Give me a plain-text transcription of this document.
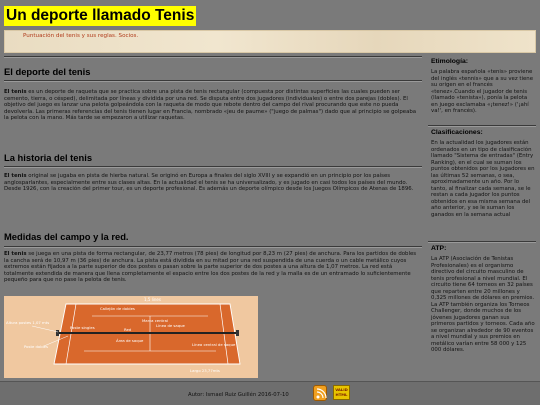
Un deporte llamado Tenis
Puntuación del tenis y sus reglas. Socios.
El deporte del tenis
El tenis es un deporte de raqueta que se practica sobre una pista de tenis rectangular (compuesta por distintas superficies las cuales pueden ser cemento, tierra, o césped), delimitada por líneas y dividida por una red. Se disputa entre dos jugadores (individuales) o entre dos parejas (dobles). El objetivo del juego es lanzar una pelota golpeándola con la raqueta de modo que rebote dentro del campo del rival procurando que este no pueda devolverla. Las primeras referencias del tenis tienen lugar en Francia, nombrado «jeu de paume» ("juego de palmas") dado que al principio se golpeaba la pelota con la mano. Más tarde se empezaron a utilizar raquetas.
La historia del tenis
El tenis original se jugaba en pista de hierba natural. Se originó en Europa a finales del siglo XVIII y se expandió en un principio por los países anglosparlantes, especialmente entre sus clases altas. En la actualidad el tenis se ha universalizado, y es jugado en casi todos los países del mundo. Desde 1926, con la creación del primer tour, es un deporte profesional. Es además un deporte olímpico desde los Juegos Olímpicos de Atenas de 1896.
Medidas del campo y la red.
El tenis se juega en una pista de forma rectangular, de 23,77 metros (78 pies) de longitud por 8,23 m (27 pies) de anchura. Para los partidos de dobles la cancha será de 10,97 m (36 pies) de anchura. La pista está dividida en su mitad por una red suspendida de una cuerda o un cable metálico cuyos extremos están fijados a la parte superior de dos postes o pasan sobre la parte superior de dos postes a una altura de 1,07 metros. La red está totalmente extendida de manera que llena completamente el espacio entre los dos postes de la red y la malla es de un entramado lo suficientemente pequeño para que no pase la pelota de tenis.
1,5 lines
Callejón de dobles
Marca central
Línea de saque
Altura postes 1,07 mts
Poste singles	Red
Poste dobles
Área de saque
Línea central de saque
Largo 23,77mts
Etimología:
La palabra española «tenis» proviene del inglés «tennis» que a su vez tiene su origen en el francés «tenez».Cuando el jugador de tenis (llamado «tenista»), ponía la pelota en juego exclamaba «¡tenez!» ('¡ahí va!', en francés).
Clasificaciones:
En la actualidad los jugadores están ordenados en un tipo de clasificación llamado "Sistema de entradas" (Entry Ranking), en el cual se suman los puntos obtenidos por los jugadores en las últimas 52 semanas, o sea, aproximadamente un año. Por lo tanto, al finalizar cada semana, se le restan a cada jugador los puntos obtenidos en esa misma semana del año anterior, y se le suman los ganados en la semana actual
ATP:
La ATP (Asociación de Tenistas Profesionales) es el organismo directivo del circuito masculino de tenis profesional a nivel mundial. El circuito tiene 64 torneos en 32 países que reparten entre 20 millones y 0,325 millones de dólares en premios. La ATP también organiza los Torneos Challenger, donde muchos de los jóvenes jugadores ganan sus primeros partidos y torneos. Cada año se organizan alrededor de 90 eventos a nivel mundial y sus premios en metálico varían entre 58 000 y 125 000 dólares.
Autor: Ismael Ruiz Guillén 2016-07-10
VALID HTML
